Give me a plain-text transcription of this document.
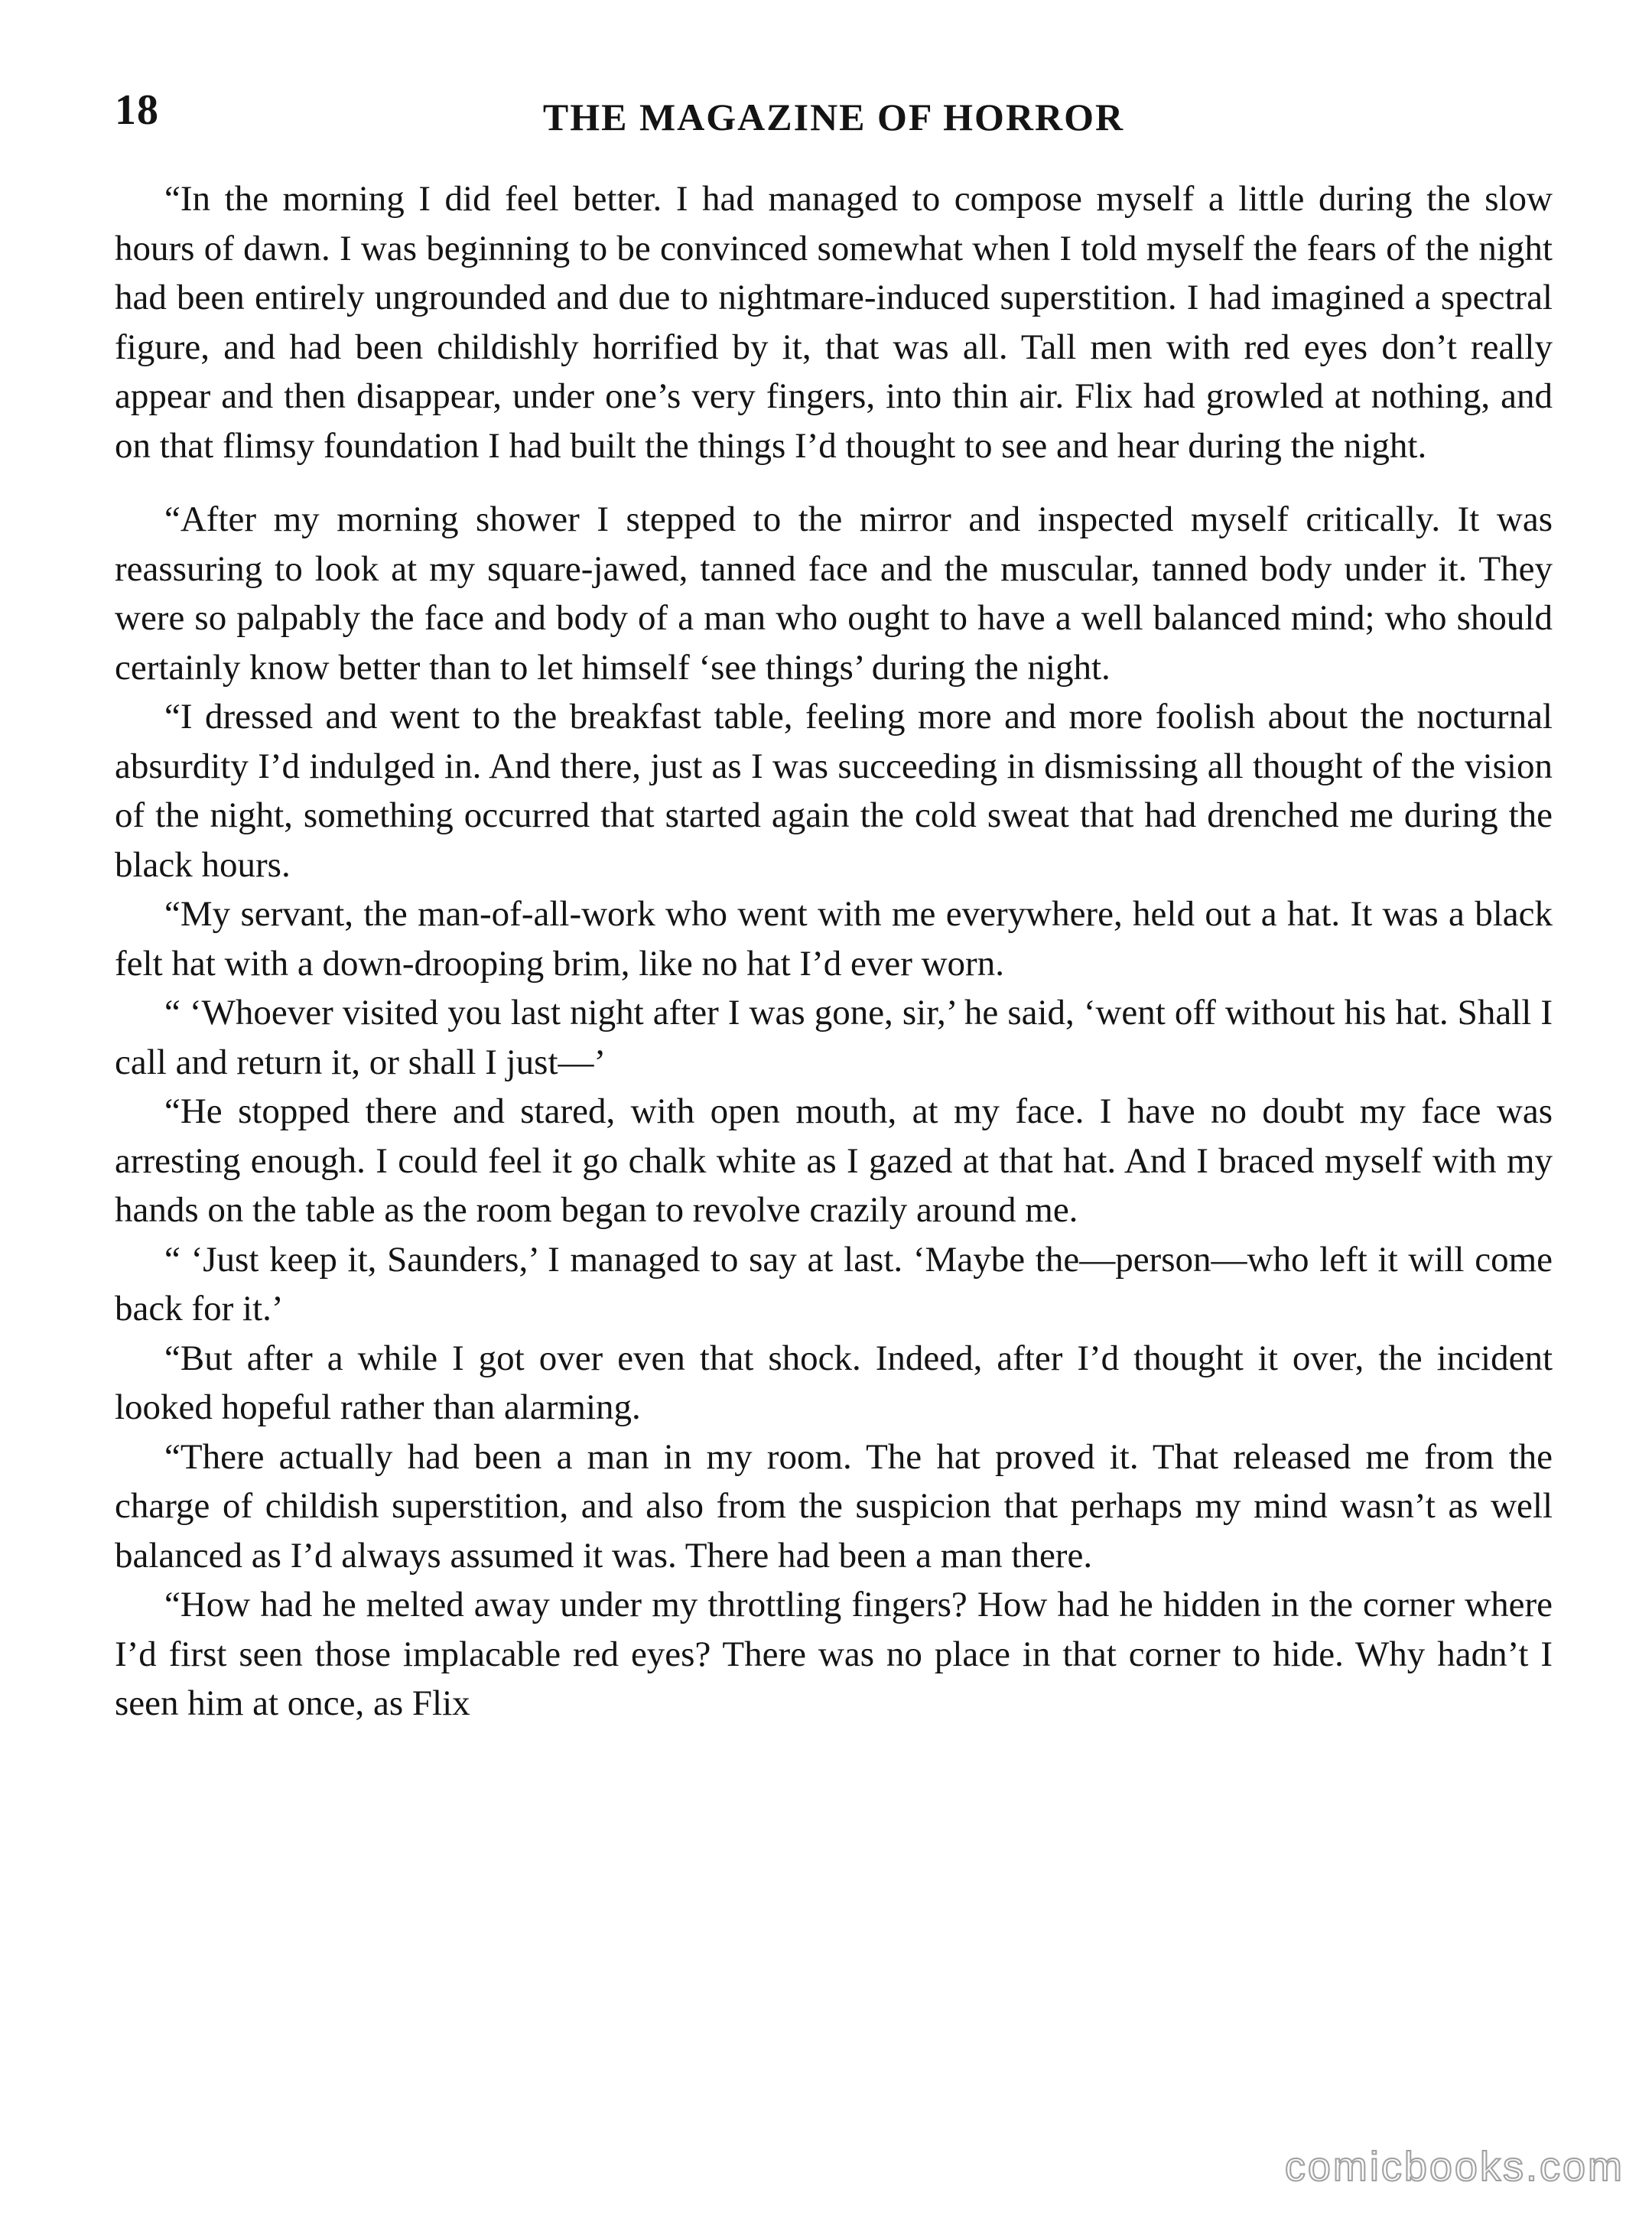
18	THE MAGAZINE OF HORROR

“In the morning I did feel better. I had managed to compose myself a little during the slow hours of dawn. I was beginning to be convinced somewhat when I told myself the fears of the night had been entirely ungrounded and due to nightmare-induced superstition. I had imagined a spectral figure, and had been childishly horrified by it, that was all. Tall men with red eyes don’t really appear and then disappear, under one’s very fingers, into thin air. Flix had growled at nothing, and on that flimsy foundation I had built the things I’d thought to see and hear during the night.

“After my morning shower I stepped to the mirror and inspected myself critically. It was reassuring to look at my square-jawed, tanned face and the muscular, tanned body under it. They were so palpably the face and body of a man who ought to have a well balanced mind; who should certainly know better than to let himself ‘see things’ during the night.

“I dressed and went to the breakfast table, feeling more and more foolish about the nocturnal absurdity I’d indulged in. And there, just as I was succeeding in dismissing all thought of the vision of the night, something occurred that started again the cold sweat that had drenched me during the black hours.

“My servant, the man-of-all-work who went with me everywhere, held out a hat. It was a black felt hat with a down-drooping brim, like no hat I’d ever worn.

“ ‘Whoever visited you last night after I was gone, sir,’ he said, ‘went off without his hat. Shall I call and return it, or shall I just—’

“He stopped there and stared, with open mouth, at my face. I have no doubt my face was arresting enough. I could feel it go chalk white as I gazed at that hat. And I braced myself with my hands on the table as the room began to revolve crazily around me.

“ ‘Just keep it, Saunders,’ I managed to say at last. ‘Maybe the—person—who left it will come back for it.’

“But after a while I got over even that shock. Indeed, after I’d thought it over, the incident looked hopeful rather than alarming.

“There actually had been a man in my room. The hat proved it. That released me from the charge of childish superstition, and also from the suspicion that perhaps my mind wasn’t as well balanced as I’d always assumed it was. There had been a man there.

“How had he melted away under my throttling fingers? How had he hidden in the corner where I’d first seen those implacable red eyes? There was no place in that corner to hide. Why hadn’t I seen him at once, as Flix

comicbooks.com
